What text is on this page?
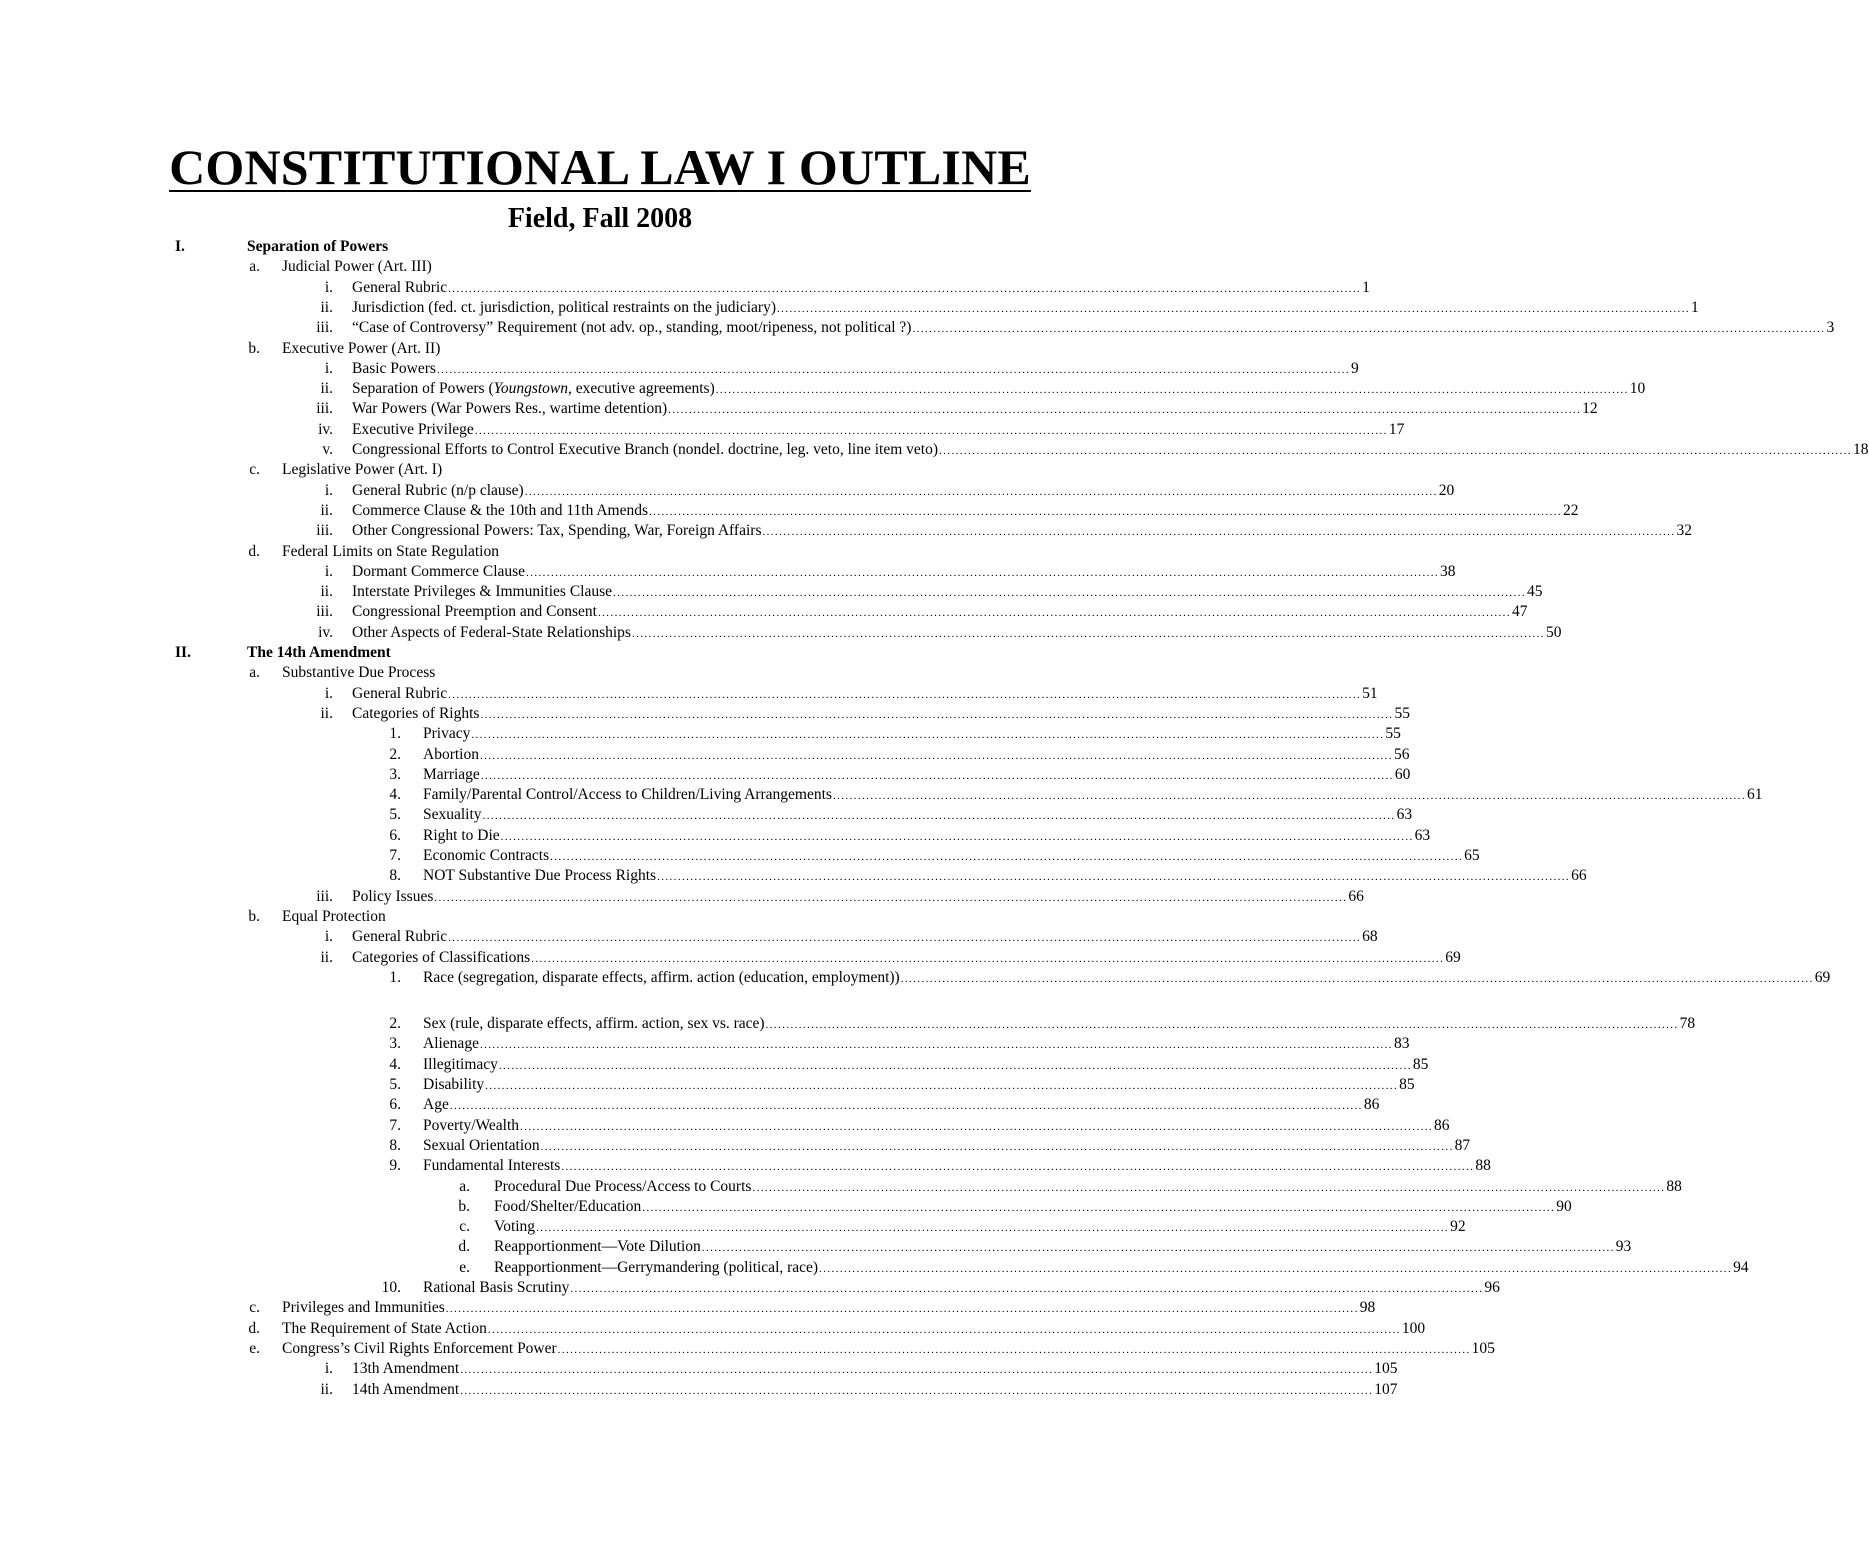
CONSTITUTIONAL LAW I OUTLINE
Field, Fall 2008
I.	Separation of Powers
a. Judicial Power (Art. III)
i. General Rubric ............................................................................................................................................................................................................................ 1
ii. Jurisdiction (fed. ct. jurisdiction, political restraints on the judiciary) ............................................................................................................................................................................................................................ 1
iii. “Case of Controversy” Requirement (not adv. op., standing, moot/ripeness, not political ?) ............................................................................................................................................................................................................................ 3
b. Executive Power (Art. II)
i. Basic Powers ............................................................................................................................................................................................................................ 9
ii. Separation of Powers (Youngstown, executive agreements) ............................................................................................................................................................................................................................ 10
iii. War Powers (War Powers Res., wartime detention) ............................................................................................................................................................................................................................ 12
iv. Executive Privilege ............................................................................................................................................................................................................................ 17
v. Congressional Efforts to Control Executive Branch (nondel. doctrine, leg. veto, line item veto) ............................................................................................................................................................................................................................ 18
c. Legislative Power (Art. I)
i. General Rubric (n/p clause) ............................................................................................................................................................................................................................ 20
ii. Commerce Clause & the 10th and 11th Amends ............................................................................................................................................................................................................................ 22
iii. Other Congressional Powers: Tax, Spending, War, Foreign Affairs ............................................................................................................................................................................................................................ 32
d. Federal Limits on State Regulation
i. Dormant Commerce Clause ............................................................................................................................................................................................................................ 38
ii. Interstate Privileges & Immunities Clause ............................................................................................................................................................................................................................ 45
iii. Congressional Preemption and Consent ............................................................................................................................................................................................................................ 47
iv. Other Aspects of Federal-State Relationships ............................................................................................................................................................................................................................ 50
II.	The 14th Amendment
a. Substantive Due Process
i. General Rubric ............................................................................................................................................................................................................................ 51
ii. Categories of Rights ............................................................................................................................................................................................................................ 55
1. Privacy ............................................................................................................................................................................................................................ 55
2. Abortion ............................................................................................................................................................................................................................ 56
3. Marriage ............................................................................................................................................................................................................................ 60
4. Family/Parental Control/Access to Children/Living Arrangements ............................................................................................................................................................................................................................ 61
5. Sexuality ............................................................................................................................................................................................................................ 63
6. Right to Die ............................................................................................................................................................................................................................ 63
7. Economic Contracts ............................................................................................................................................................................................................................ 65
8. NOT Substantive Due Process Rights ............................................................................................................................................................................................................................ 66
iii. Policy Issues ............................................................................................................................................................................................................................ 66
b. Equal Protection
i. General Rubric ............................................................................................................................................................................................................................ 68
ii. Categories of Classifications ............................................................................................................................................................................................................................ 69
1. Race (segregation, disparate effects, affirm. action (education, employment)) ............................................................................................................................................................................................................................ 69
2. Sex (rule, disparate effects, affirm. action, sex vs. race) ............................................................................................................................................................................................................................ 78
3. Alienage ............................................................................................................................................................................................................................ 83
4. Illegitimacy ............................................................................................................................................................................................................................ 85
5. Disability ............................................................................................................................................................................................................................ 85
6. Age ............................................................................................................................................................................................................................ 86
7. Poverty/Wealth ............................................................................................................................................................................................................................ 86
8. Sexual Orientation ............................................................................................................................................................................................................................ 87
9. Fundamental Interests ............................................................................................................................................................................................................................ 88
a. Procedural Due Process/Access to Courts ............................................................................................................................................................................................................................ 88
b. Food/Shelter/Education ............................................................................................................................................................................................................................ 90
c. Voting ............................................................................................................................................................................................................................ 92
d. Reapportionment—Vote Dilution ............................................................................................................................................................................................................................ 93
e. Reapportionment—Gerrymandering (political, race) ............................................................................................................................................................................................................................ 94
10. Rational Basis Scrutiny ............................................................................................................................................................................................................................ 96
c. Privileges and Immunities ............................................................................................................................................................................................................................ 98
d. The Requirement of State Action ............................................................................................................................................................................................................................ 100
e. Congress’s Civil Rights Enforcement Power ............................................................................................................................................................................................................................ 105
i. 13th Amendment ............................................................................................................................................................................................................................ 105
ii. 14th Amendment ............................................................................................................................................................................................................................ 107
